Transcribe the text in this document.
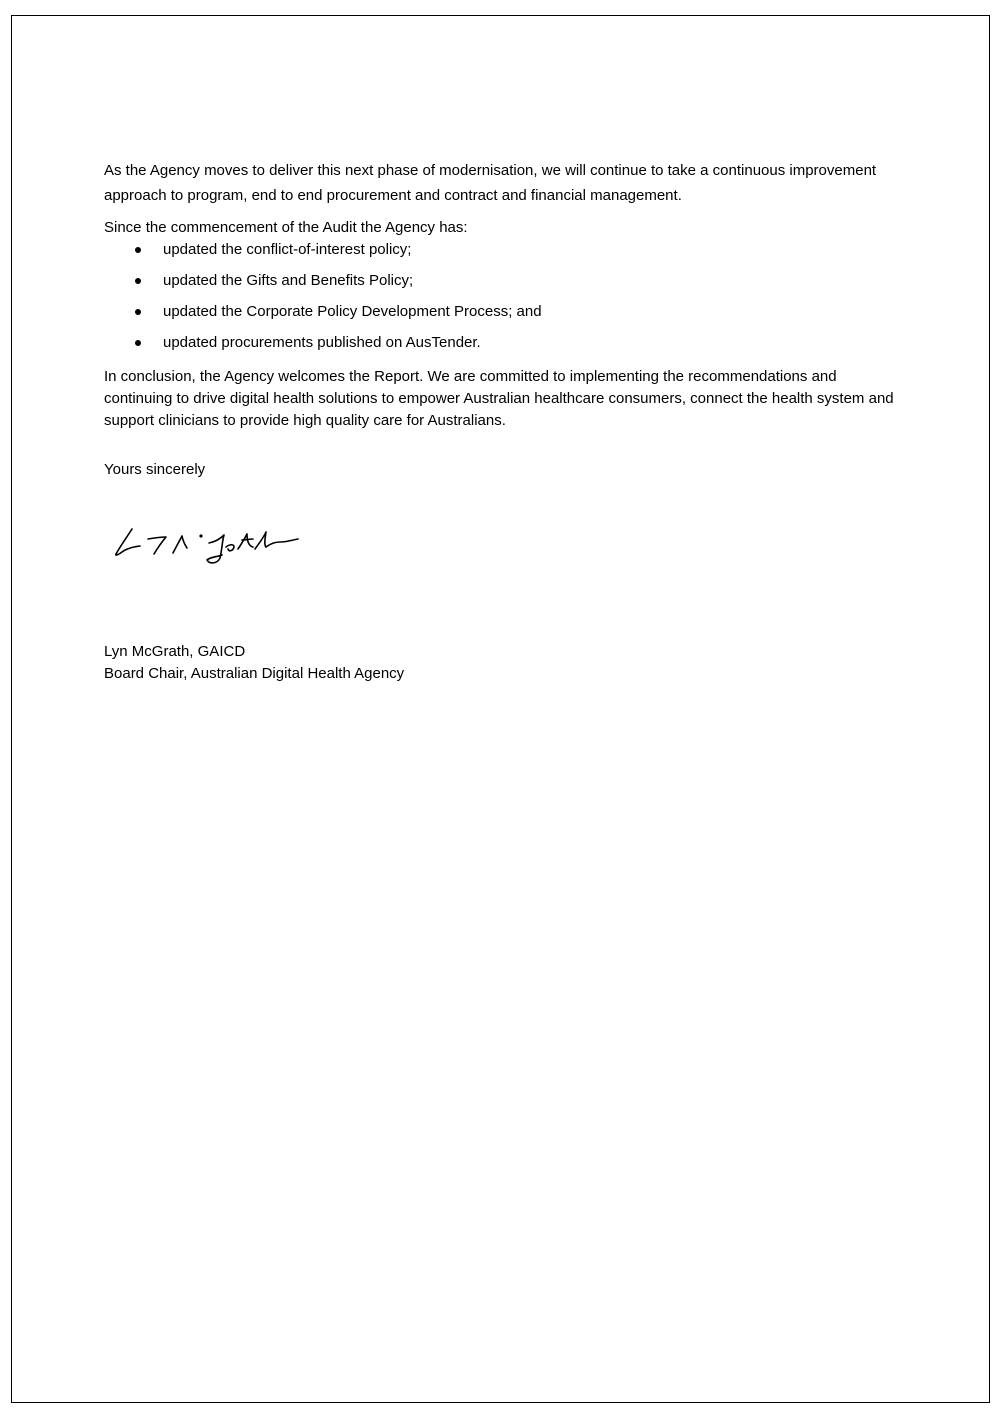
As the Agency moves to deliver this next phase of modernisation, we will continue to take a continuous improvement approach to program, end to end procurement and contract and financial management.

Since the commencement of the Audit the Agency has:

updated the conflict-of-interest policy;
updated the Gifts and Benefits Policy;
updated the Corporate Policy Development Process; and
updated procurements published on AusTender.

In conclusion, the Agency welcomes the Report. We are committed to implementing the recommendations and continuing to drive digital health solutions to empower Australian healthcare consumers, connect the health system and support clinicians to provide high quality care for Australians.

Yours sincerely

Lyn McGrath, GAICD

Board Chair, Australian Digital Health Agency
